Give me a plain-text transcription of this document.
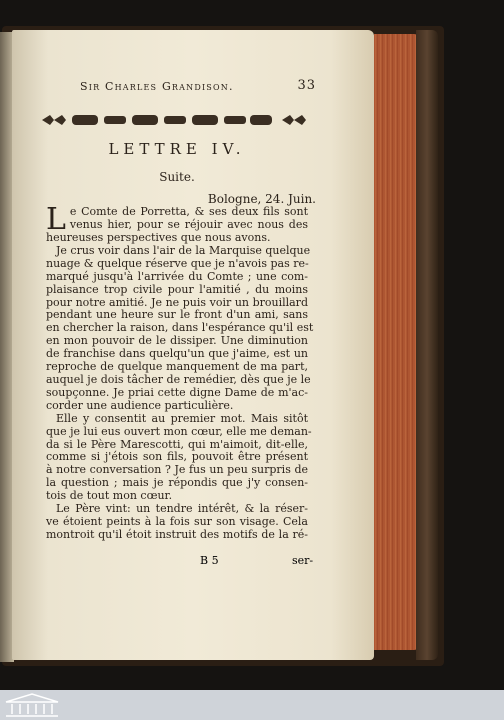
Sir Charles Grandison.	33
LETTRE IV.
Suite.
Bologne, 24. Juin.
L e Comte de Porretta, & ses deux fils sont
venus hier, pour se réjouir avec nous des
heureuses perspectives que nous avons.
Je crus voir dans l'air de la Marquise quelque
nuage & quelque réserve que je n'avois pas re-
marqué jusqu'à l'arrivée du Comte ; une com-
plaisance trop civile pour l'amitié , du moins
pour notre amitié. Je ne puis voir un brouillard
pendant une heure sur le front d'un ami, sans
en chercher la raison, dans l'espérance qu'il est
en mon pouvoir de le dissiper. Une diminution
de franchise dans quelqu'un que j'aime, est un
reproche de quelque manquement de ma part,
auquel je dois tâcher de remédier, dès que je le
soupçonne. Je priai cette digne Dame de m'ac-
corder une audience particulière.
Elle y consentit au premier mot. Mais sitôt
que je lui eus ouvert mon cœur, elle me deman-
da si le Père Marescotti, qui m'aimoit, dit-elle,
comme si j'étois son fils, pouvoit être présent
à notre conversation ? Je fus un peu surpris de
la question ; mais je répondis que j'y consen-
tois de tout mon cœur.
Le Père vint: un tendre intérêt, & la réser-
ve étoient peints à la fois sur son visage. Cela
montroit qu'il étoit instruit des motifs de la ré-
B 5	ser-
